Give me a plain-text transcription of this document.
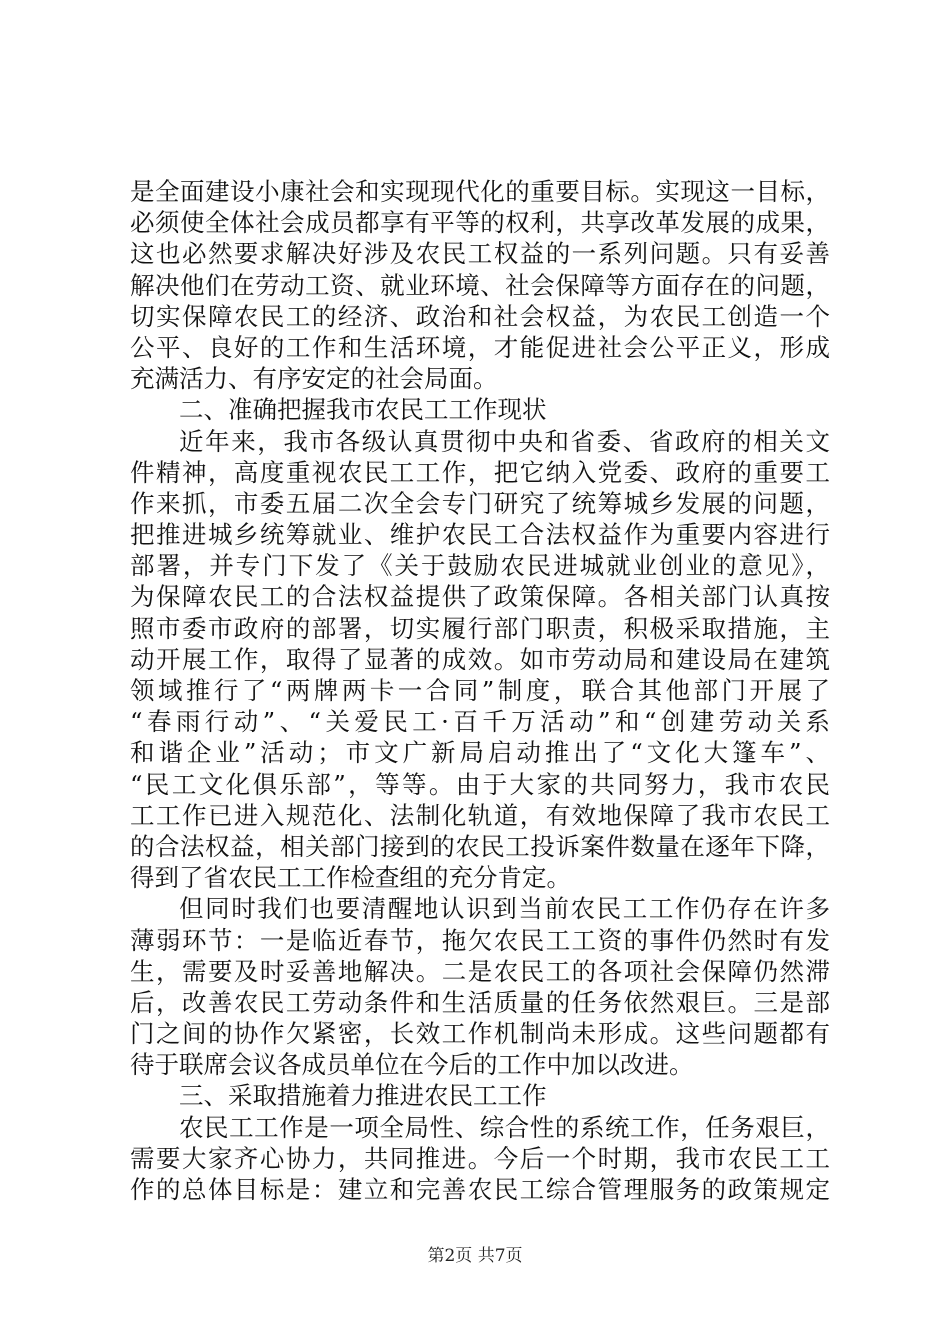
是全面建设小康社会和实现现代化的重要目标。实现这一目标，
必须使全体社会成员都享有平等的权利，共享改革发展的成果，
这也必然要求解决好涉及农民工权益的一系列问题。只有妥善
解决他们在劳动工资、就业环境、社会保障等方面存在的问题，
切实保障农民工的经济、政治和社会权益，为农民工创造一个
公平、良好的工作和生活环境，才能促进社会公平正义，形成
充满活力、有序安定的社会局面。
二、准确把握我市农民工工作现状
近年来，我市各级认真贯彻中央和省委、省政府的相关文
件精神，高度重视农民工工作，把它纳入党委、政府的重要工
作来抓，市委五届二次全会专门研究了统筹城乡发展的问题，
把推进城乡统筹就业、维护农民工合法权益作为重要内容进行
部署，并专门下发了《关于鼓励农民进城就业创业的意见》，
为保障农民工的合法权益提供了政策保障。各相关部门认真按
照市委市政府的部署，切实履行部门职责，积极采取措施，主
动开展工作，取得了显著的成效。如市劳动局和建设局在建筑
领域推行了“两牌两卡一合同”制度，联合其他部门开展了
“春雨行动”、“关爱民工·百千万活动”和“创建劳动关系
和谐企业”活动；市文广新局启动推出了“文化大篷车”、
“民工文化俱乐部”，等等。由于大家的共同努力，我市农民
工工作已进入规范化、法制化轨道，有效地保障了我市农民工
的合法权益，相关部门接到的农民工投诉案件数量在逐年下降，
得到了省农民工工作检查组的充分肯定。
但同时我们也要清醒地认识到当前农民工工作仍存在许多
薄弱环节：一是临近春节，拖欠农民工工资的事件仍然时有发
生，需要及时妥善地解决。二是农民工的各项社会保障仍然滞
后，改善农民工劳动条件和生活质量的任务依然艰巨。三是部
门之间的协作欠紧密，长效工作机制尚未形成。这些问题都有
待于联席会议各成员单位在今后的工作中加以改进。
三、采取措施着力推进农民工工作
农民工工作是一项全局性、综合性的系统工作，任务艰巨，
需要大家齐心协力，共同推进。今后一个时期，我市农民工工
作的总体目标是：建立和完善农民工综合管理服务的政策规定
第2页 共7页
